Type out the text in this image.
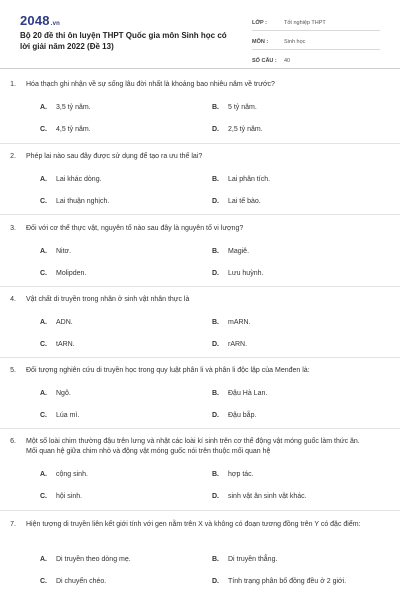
2048.vn
Bộ 20 đề thi ôn luyện THPT Quốc gia môn Sinh học có lời giải năm 2022 (Đề 13)
LỚP :	Tốt nghiệp THPT
MÔN :	Sinh học
SỐ CÂU :	40
1. Hóa thạch ghi nhận về sự sống lâu đời nhất là khoảng bao nhiêu năm về trước?
A. 3,5 tỷ năm.	B. 5 tỷ năm.
C. 4,5 tỷ năm.	D. 2,5 tỷ năm.
2. Phép lai nào sau đây được sử dụng để tạo ra ưu thế lai?
A. Lai khác dòng.	B. Lai phân tích.
C. Lai thuận nghịch.	D. Lai tế bào.
3. Đối với cơ thể thực vật, nguyên tố nào sau đây là nguyên tố vi lượng?
A. Nitơ.	B. Magiê.
C. Molipden.	D. Lưu huỳnh.
4. Vật chất di truyền trong nhân ở sinh vật nhân thực là
A. ADN.	B. mARN.
C. tARN.	D. rARN.
5. Đối tượng nghiên cứu di truyền học trong quy luật phân li và phân li độc lập của Menđen là:
A. Ngô.	B. Đậu Hà Lan.
C. Lúa mì.	D. Đậu bắp.
6. Một số loài chim thường đậu trên lưng và nhặt các loài kí sinh trên cơ thể động vật móng guốc làm thức ăn. Mối quan hệ giữa chim nhỏ và động vật móng guốc nói trên thuộc mối quan hệ
A. cộng sinh.	B. hợp tác.
C. hội sinh.	D. sinh vật ăn sinh vật khác.
7. Hiện tượng di truyền liên kết giới tính với gen nằm trên X và không có đoạn tương đồng trên Y có đặc điểm:
A. Di truyền theo dòng mẹ.	B. Di truyền thẳng.
C. Di chuyển chéo.	D. Tính trạng phân bố đồng đều ở 2 giới.
